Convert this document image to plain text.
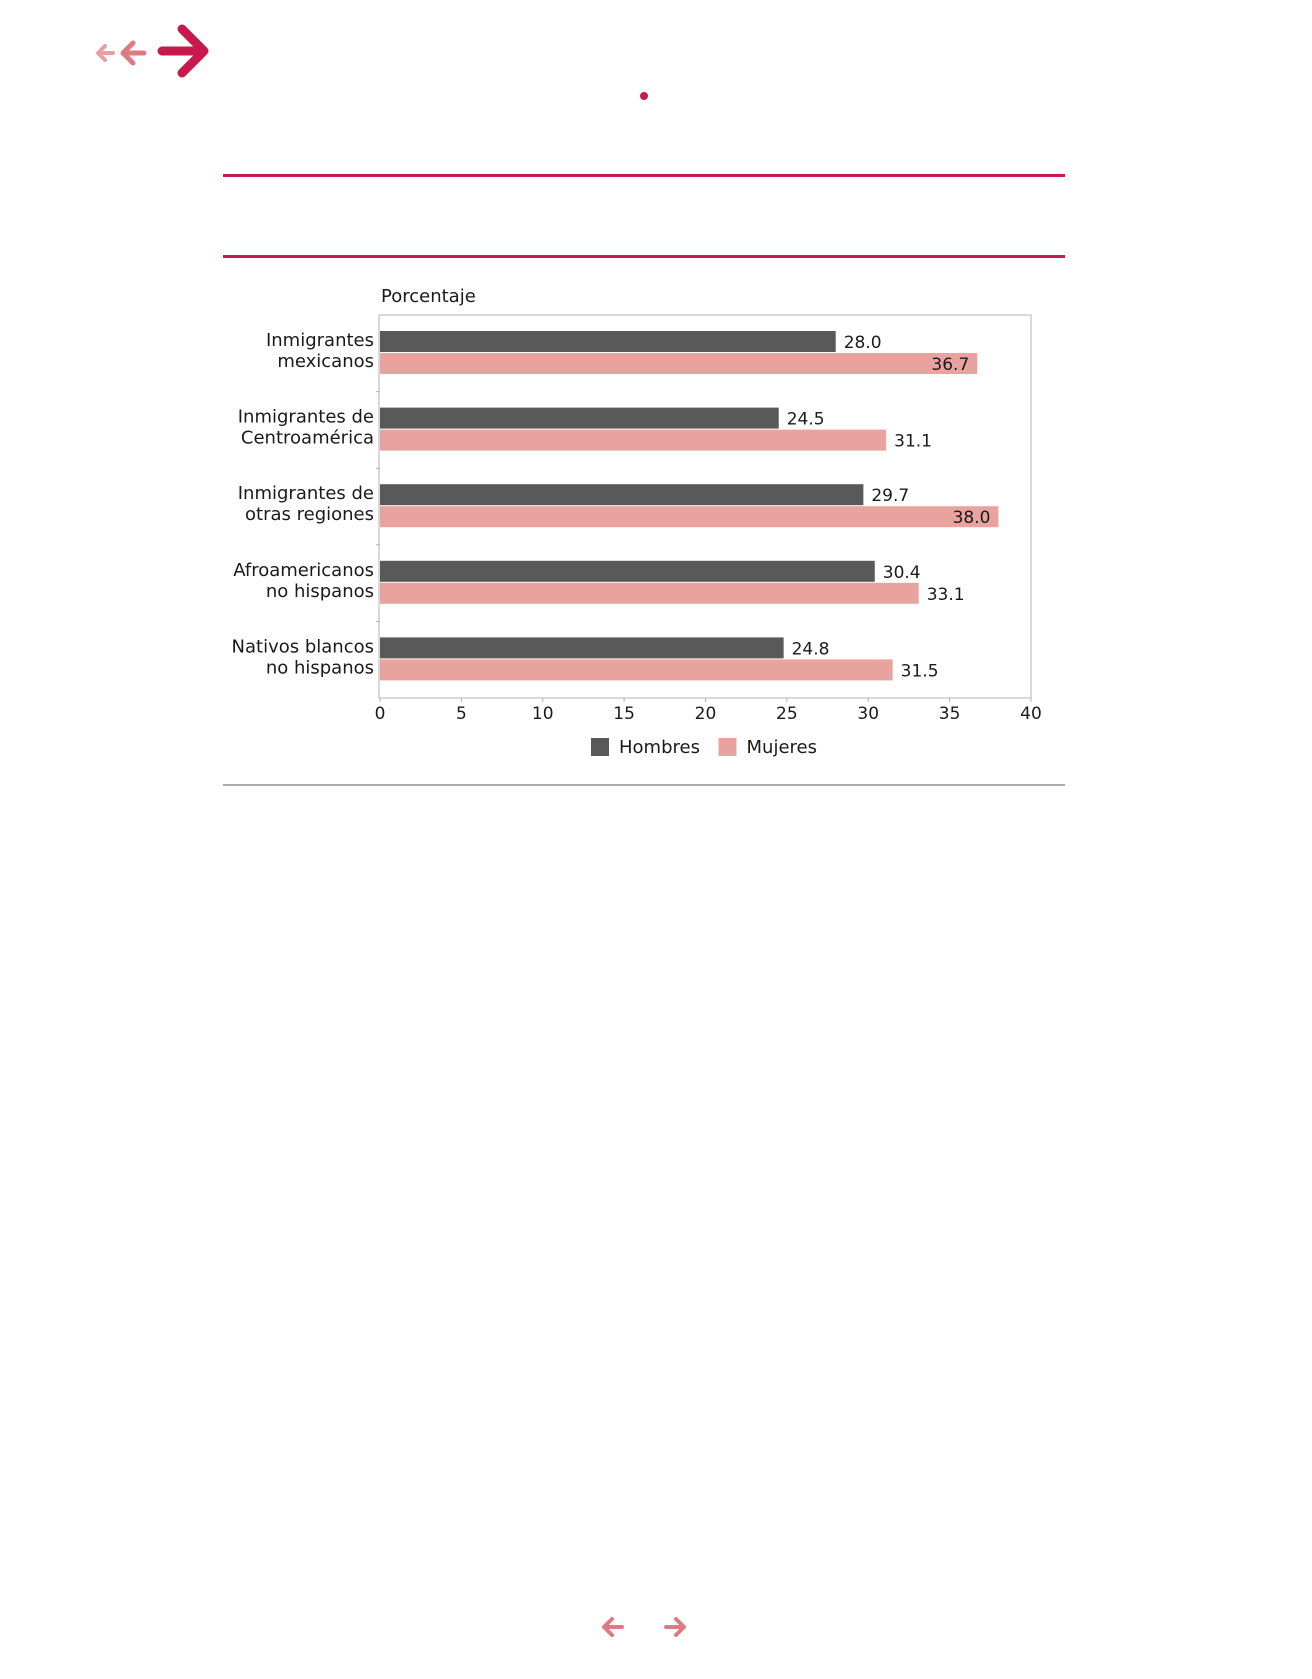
Porcentaje
28.0
36.7
24.5
31.1
29.7
38.0
30.4
33.1
24.8
31.5
Inmigrantes
mexicanos
Inmigrantes de
Centroamérica
Inmigrantes de
otras regiones
Afroamericanos
no hispanos
Nativos blancos
no hispanos
0	5	10	15	20	25	30	35	40
Hombres	Mujeres
